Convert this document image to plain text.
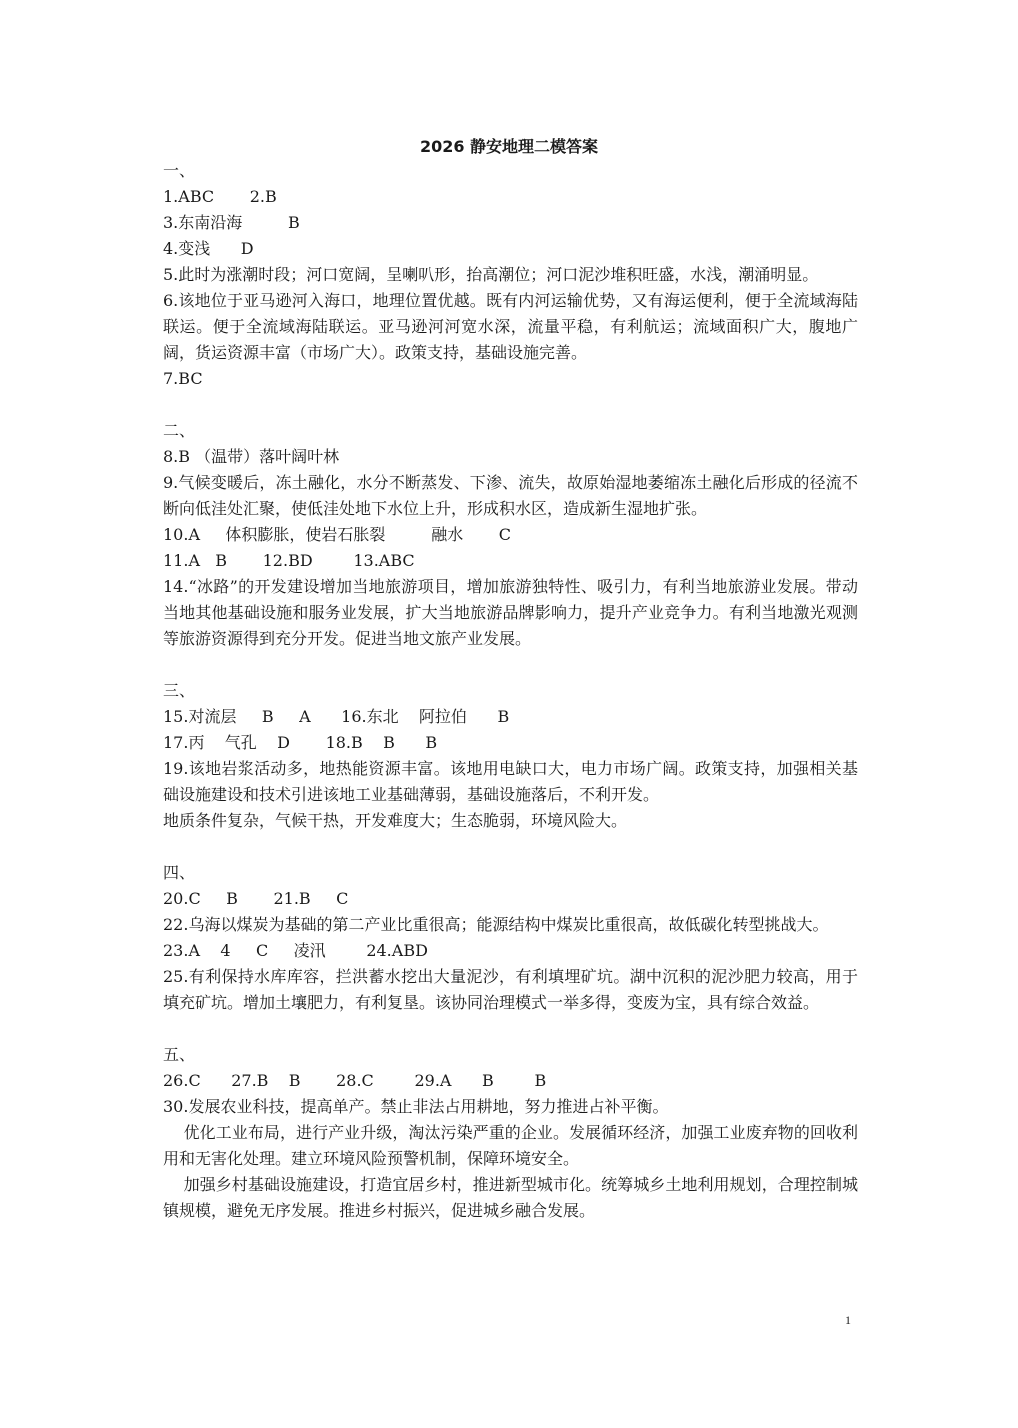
2026 静安地理二模答案
一、
1.ABC       2.B
3.东南沿海         B
4.变浅      D
5.此时为涨潮时段；河口宽阔，呈喇叭形，抬高潮位；河口泥沙堆积旺盛，水浅，潮涌明显。
6.该地位于亚马逊河入海口，地理位置优越。既有内河运输优势，又有海运便利，便于全流域海陆联运。便于全流域海陆联运。亚马逊河河宽水深，流量平稳，有利航运；流域面积广大，腹地广阔，货运资源丰富（市场广大）。政策支持，基础设施完善。
7.BC
二、
8.B （温带）落叶阔叶林
9.气候变暖后，冻土融化，水分不断蒸发、下渗、流失，故原始湿地萎缩冻土融化后形成的径流不断向低洼处汇聚，使低洼处地下水位上升，形成积水区，造成新生湿地扩张。
10.A     体积膨胀，使岩石胀裂         融水       C
11.A   B       12.BD        13.ABC
14.“冰路”的开发建设增加当地旅游项目，增加旅游独特性、吸引力，有利当地旅游业发展。带动当地其他基础设施和服务业发展，扩大当地旅游品牌影响力，提升产业竞争力。有利当地激光观测等旅游资源得到充分开发。促进当地文旅产业发展。
三、
15.对流层     B     A      16.东北    阿拉伯      B
17.丙    气孔    D       18.B    B      B
19.该地岩浆活动多，地热能资源丰富。该地用电缺口大，电力市场广阔。政策支持，加强相关基础设施建设和技术引进该地工业基础薄弱，基础设施落后，不利开发。
地质条件复杂，气候干热，开发难度大；生态脆弱，环境风险大。
四、
20.C     B       21.B     C
22.乌海以煤炭为基础的第二产业比重很高；能源结构中煤炭比重很高，故低碳化转型挑战大。
23.A    4     C     凌汛        24.ABD
25.有利保持水库库容，拦洪蓄水挖出大量泥沙，有利填埋矿坑。湖中沉积的泥沙肥力较高，用于填充矿坑。增加土壤肥力，有利复垦。该协同治理模式一举多得，变废为宝，具有综合效益。
五、
26.C      27.B    B       28.C        29.A      B        B
30.发展农业科技，提高单产。禁止非法占用耕地，努力推进占补平衡。
优化工业布局，进行产业升级，淘汰污染严重的企业。发展循环经济，加强工业废弃物的回收利用和无害化处理。建立环境风险预警机制，保障环境安全。
加强乡村基础设施建设，打造宜居乡村，推进新型城市化。统筹城乡土地利用规划，合理控制城镇规模，避免无序发展。推进乡村振兴，促进城乡融合发展。
1
